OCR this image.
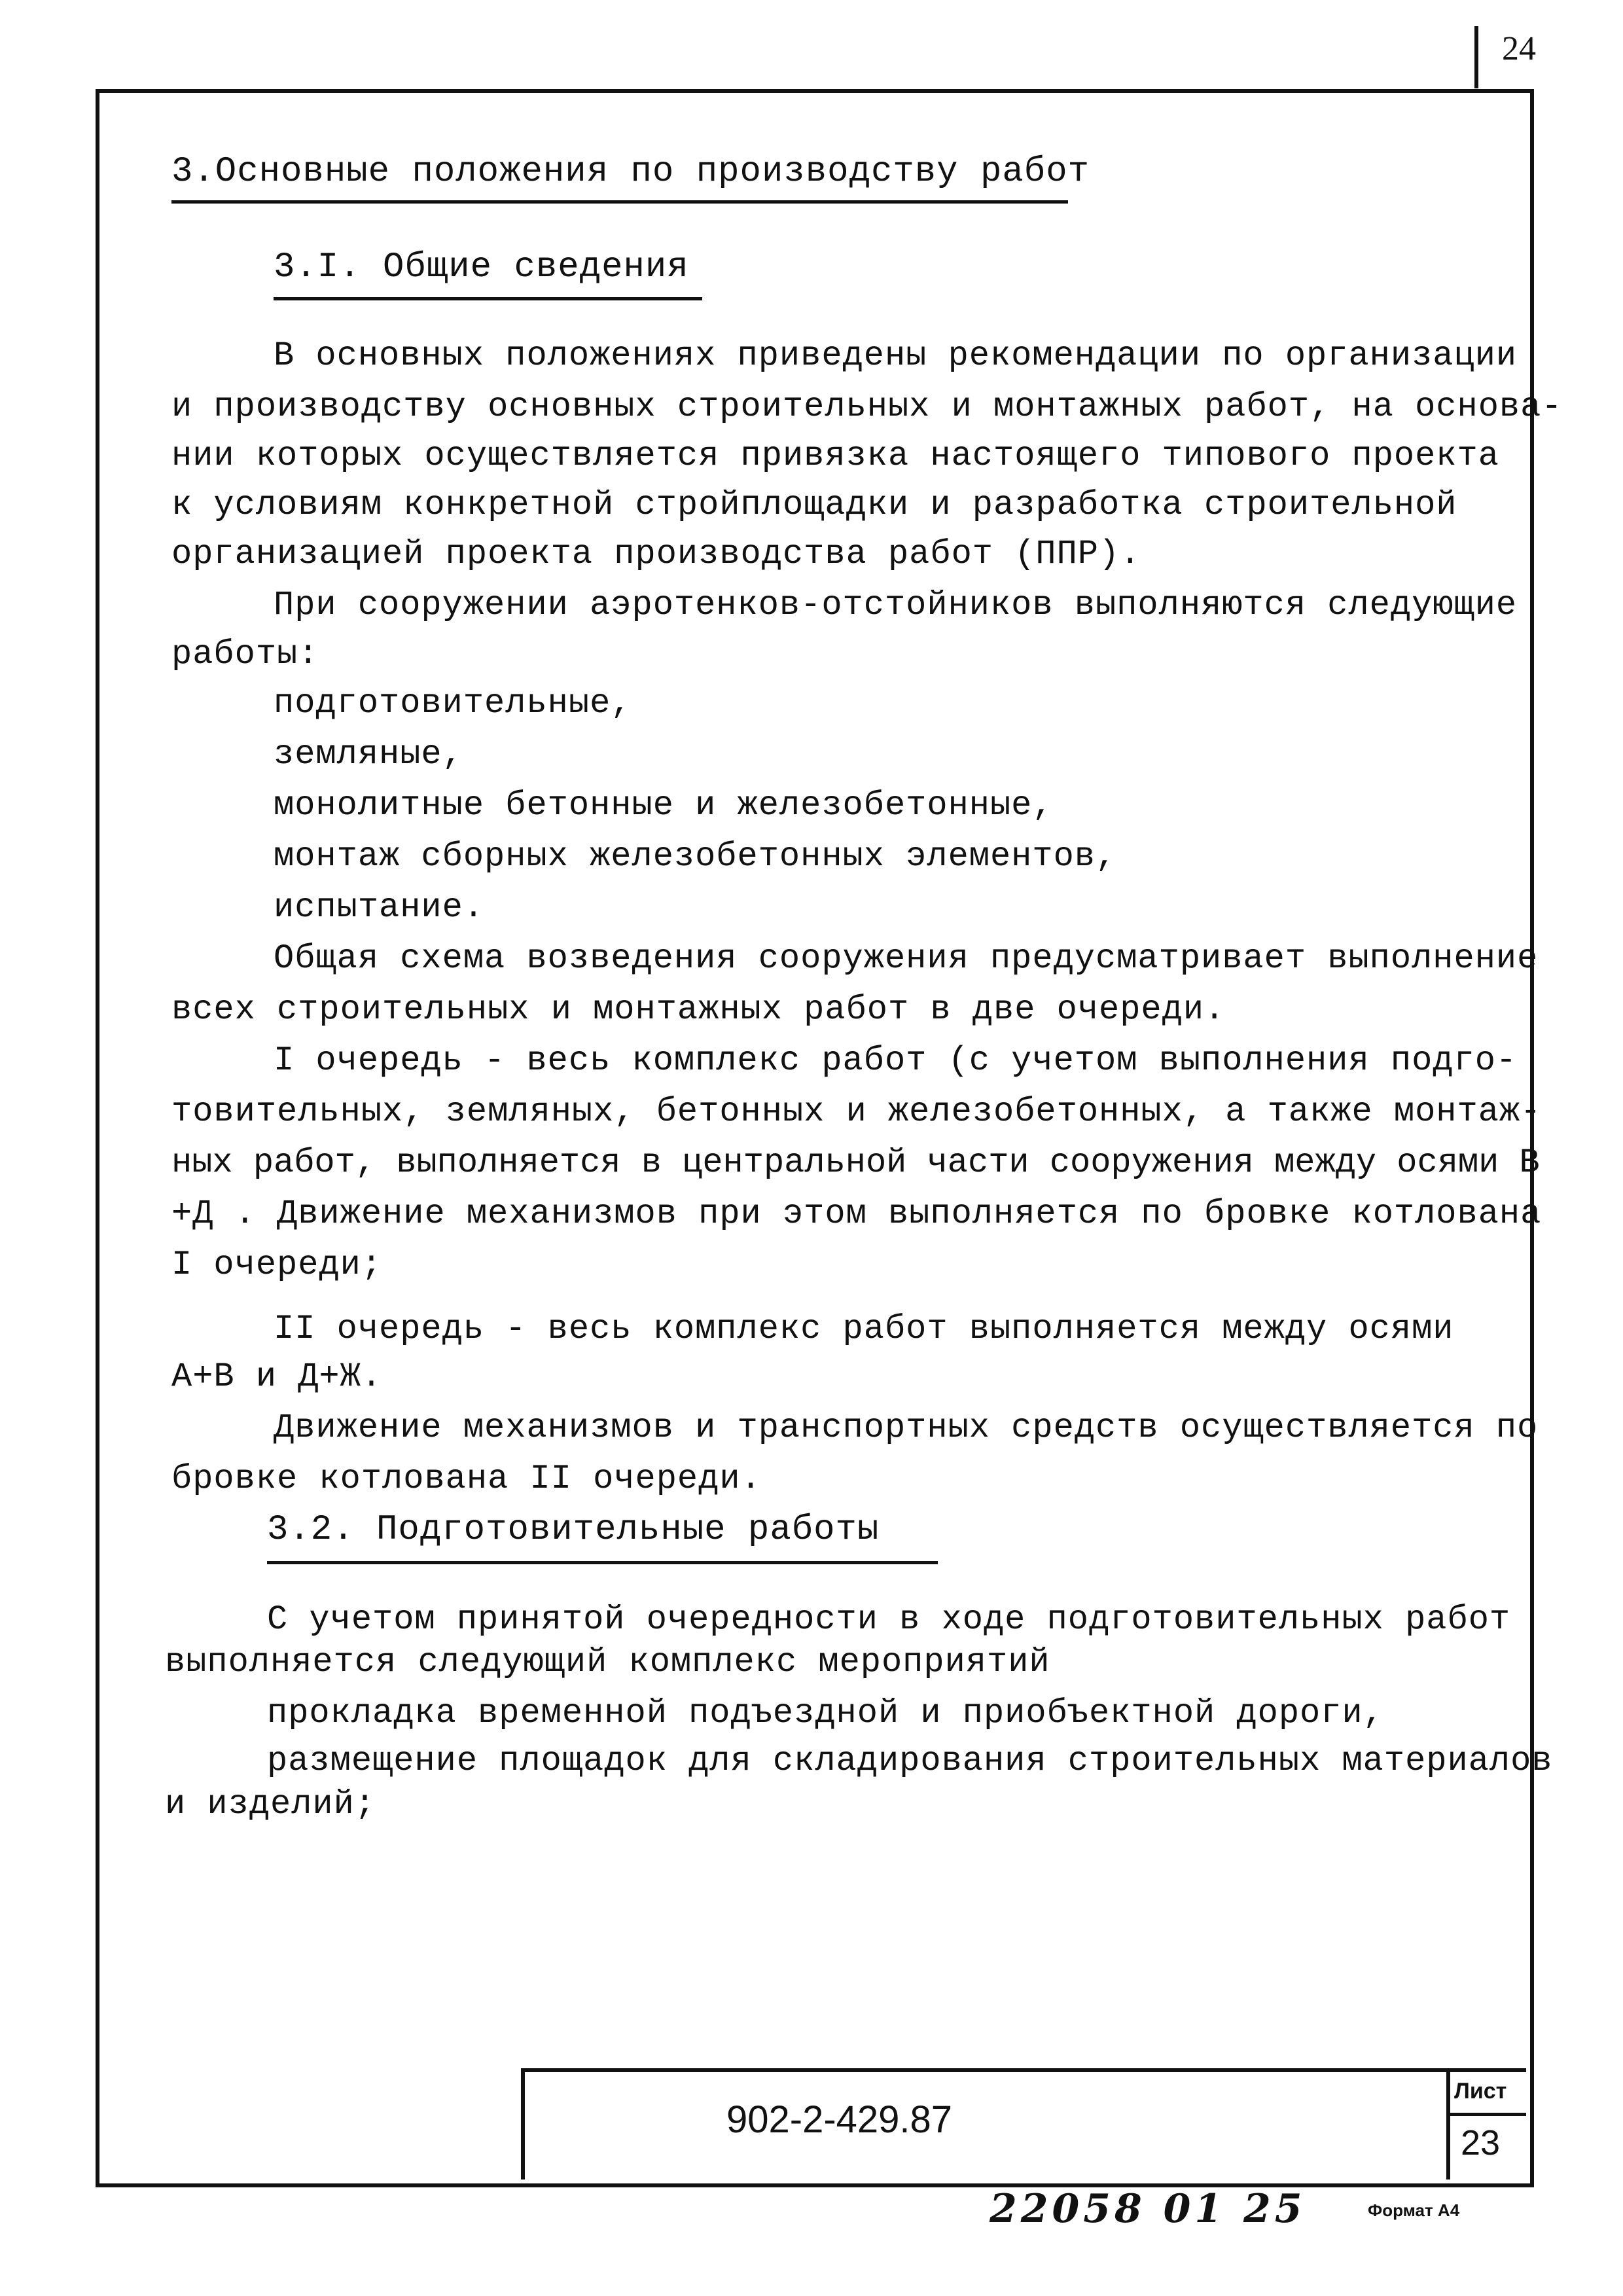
24
3.Основные положения по производству работ
3.I. Общие сведения
В основных положениях приведены рекомендации по организации
и производству основных строительных и монтажных работ, на основа-
нии которых осуществляется привязка настоящего типового проекта
к условиям конкретной стройплощадки и разработка строительной
организацией проекта производства работ (ППР).
При сооружении аэротенков-отстойников выполняются следующие
работы:
подготовительные,
земляные,
монолитные бетонные и железобетонные,
монтаж сборных железобетонных элементов,
испытание.
Общая схема возведения сооружения предусматривает выполнение
всех строительных и монтажных работ в две очереди.
I очередь - весь комплекс работ (с учетом выполнения подго-
товительных, земляных, бетонных и железобетонных, а также монтаж-
ных работ, выполняется в центральной части сооружения между осями В
+Д . Движение механизмов при этом выполняется по бровке котлована
I очереди;
II очередь - весь комплекс работ выполняется между осями
А+В и Д+Ж.
Движение механизмов и транспортных средств осуществляется по
бровке котлована II очереди.
3.2. Подготовительные работы
С учетом принятой очередности в ходе подготовительных работ
выполняется следующий комплекс мероприятий
прокладка временной подъездной и приобъектной дороги,
размещение площадок для складирования строительных материалов
и изделий;
902-2-429.87
Лист
23
22058 01 25	Формат А4
